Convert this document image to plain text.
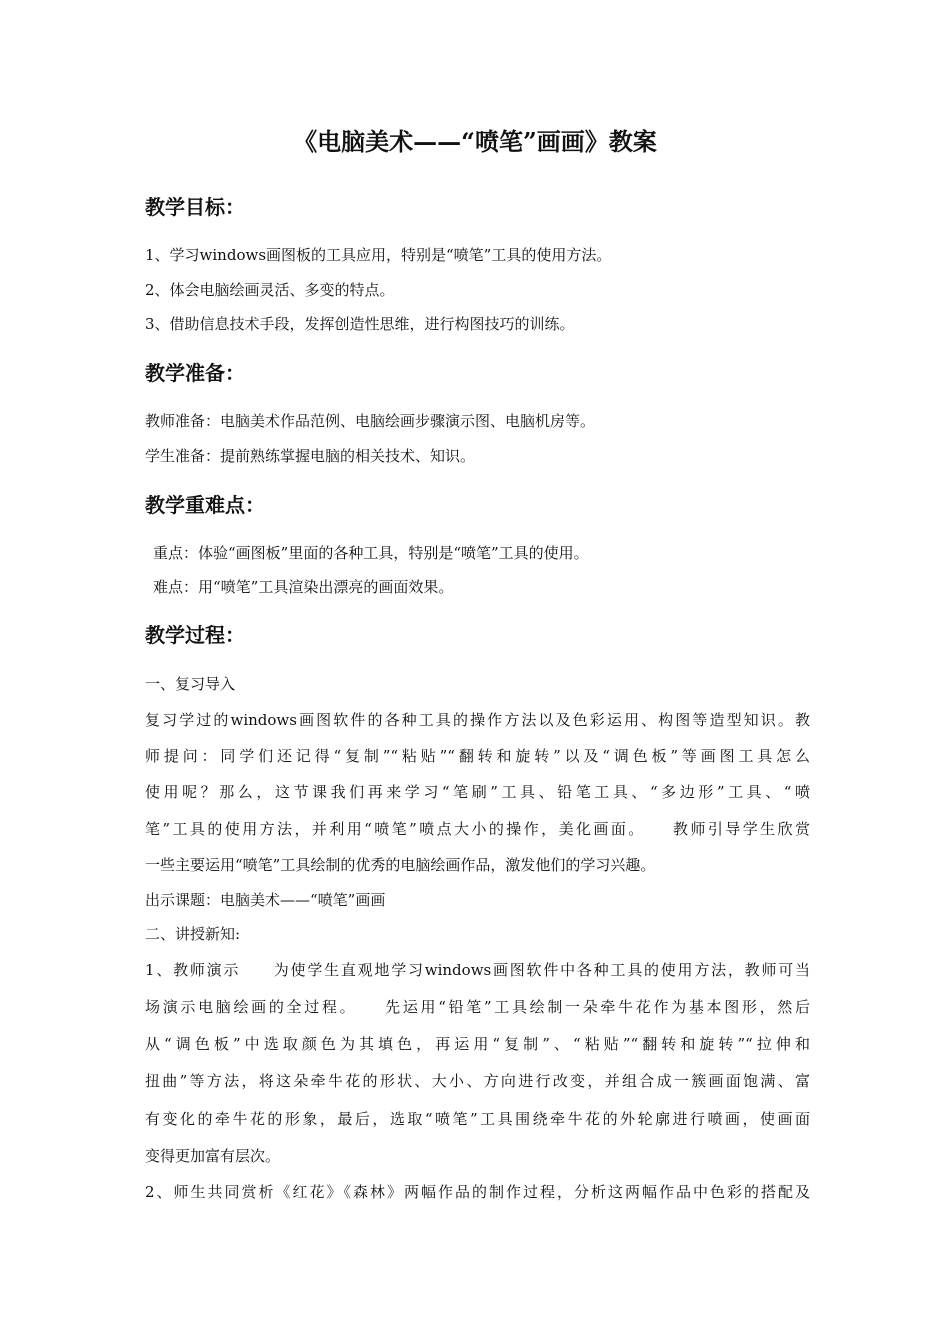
《电脑美术——“喷笔”画画》教案
教学目标：

1、学习windows画图板的工具应用，特别是“喷笔”工具的使用方法。

2、体会电脑绘画灵活、多变的特点。

3、借助信息技术手段，发挥创造性思维，进行构图技巧的训练。

教学准备：

教师准备：电脑美术作品范例、电脑绘画步骤演示图、电脑机房等。

学生准备：提前熟练掌握电脑的相关技术、知识。

教学重难点：

重点：体验“画图板”里面的各种工具，特别是“喷笔”工具的使用。

难点：用“喷笔”工具渲染出漂亮的画面效果。

教学过程：

一、复习导入

复习学过的windows画图软件的各种工具的操作方法以及色彩运用、构图等造型知识。教

师提问：同学们还记得“复制”“粘贴”“翻转和旋转”以及“调色板”等画图工具怎么

使用呢？那么，这节课我们再来学习“笔刷”工具、铅笔工具、“多边形”工具、“喷

笔”工具的使用方法，并利用“喷笔”喷点大小的操作，美化画面。　　教师引导学生欣赏

一些主要运用“喷笔”工具绘制的优秀的电脑绘画作品，激发他们的学习兴趣。

出示课题：电脑美术——“喷笔”画画

二、讲授新知:

1、教师演示　　为使学生直观地学习windows画图软件中各种工具的使用方法，教师可当

场演示电脑绘画的全过程。　　先运用“铅笔”工具绘制一朵牵牛花作为基本图形，然后

从“调色板”中选取颜色为其填色，再运用“复制”、“粘贴”“翻转和旋转”“拉伸和

扭曲”等方法，将这朵牵牛花的形状、大小、方向进行改变，并组合成一簇画面饱满、富

有变化的牵牛花的形象，最后，选取“喷笔”工具围绕牵牛花的外轮廓进行喷画，使画面

变得更加富有层次。

2、师生共同赏析《红花》《森林》两幅作品的制作过程，分析这两幅作品中色彩的搭配及
